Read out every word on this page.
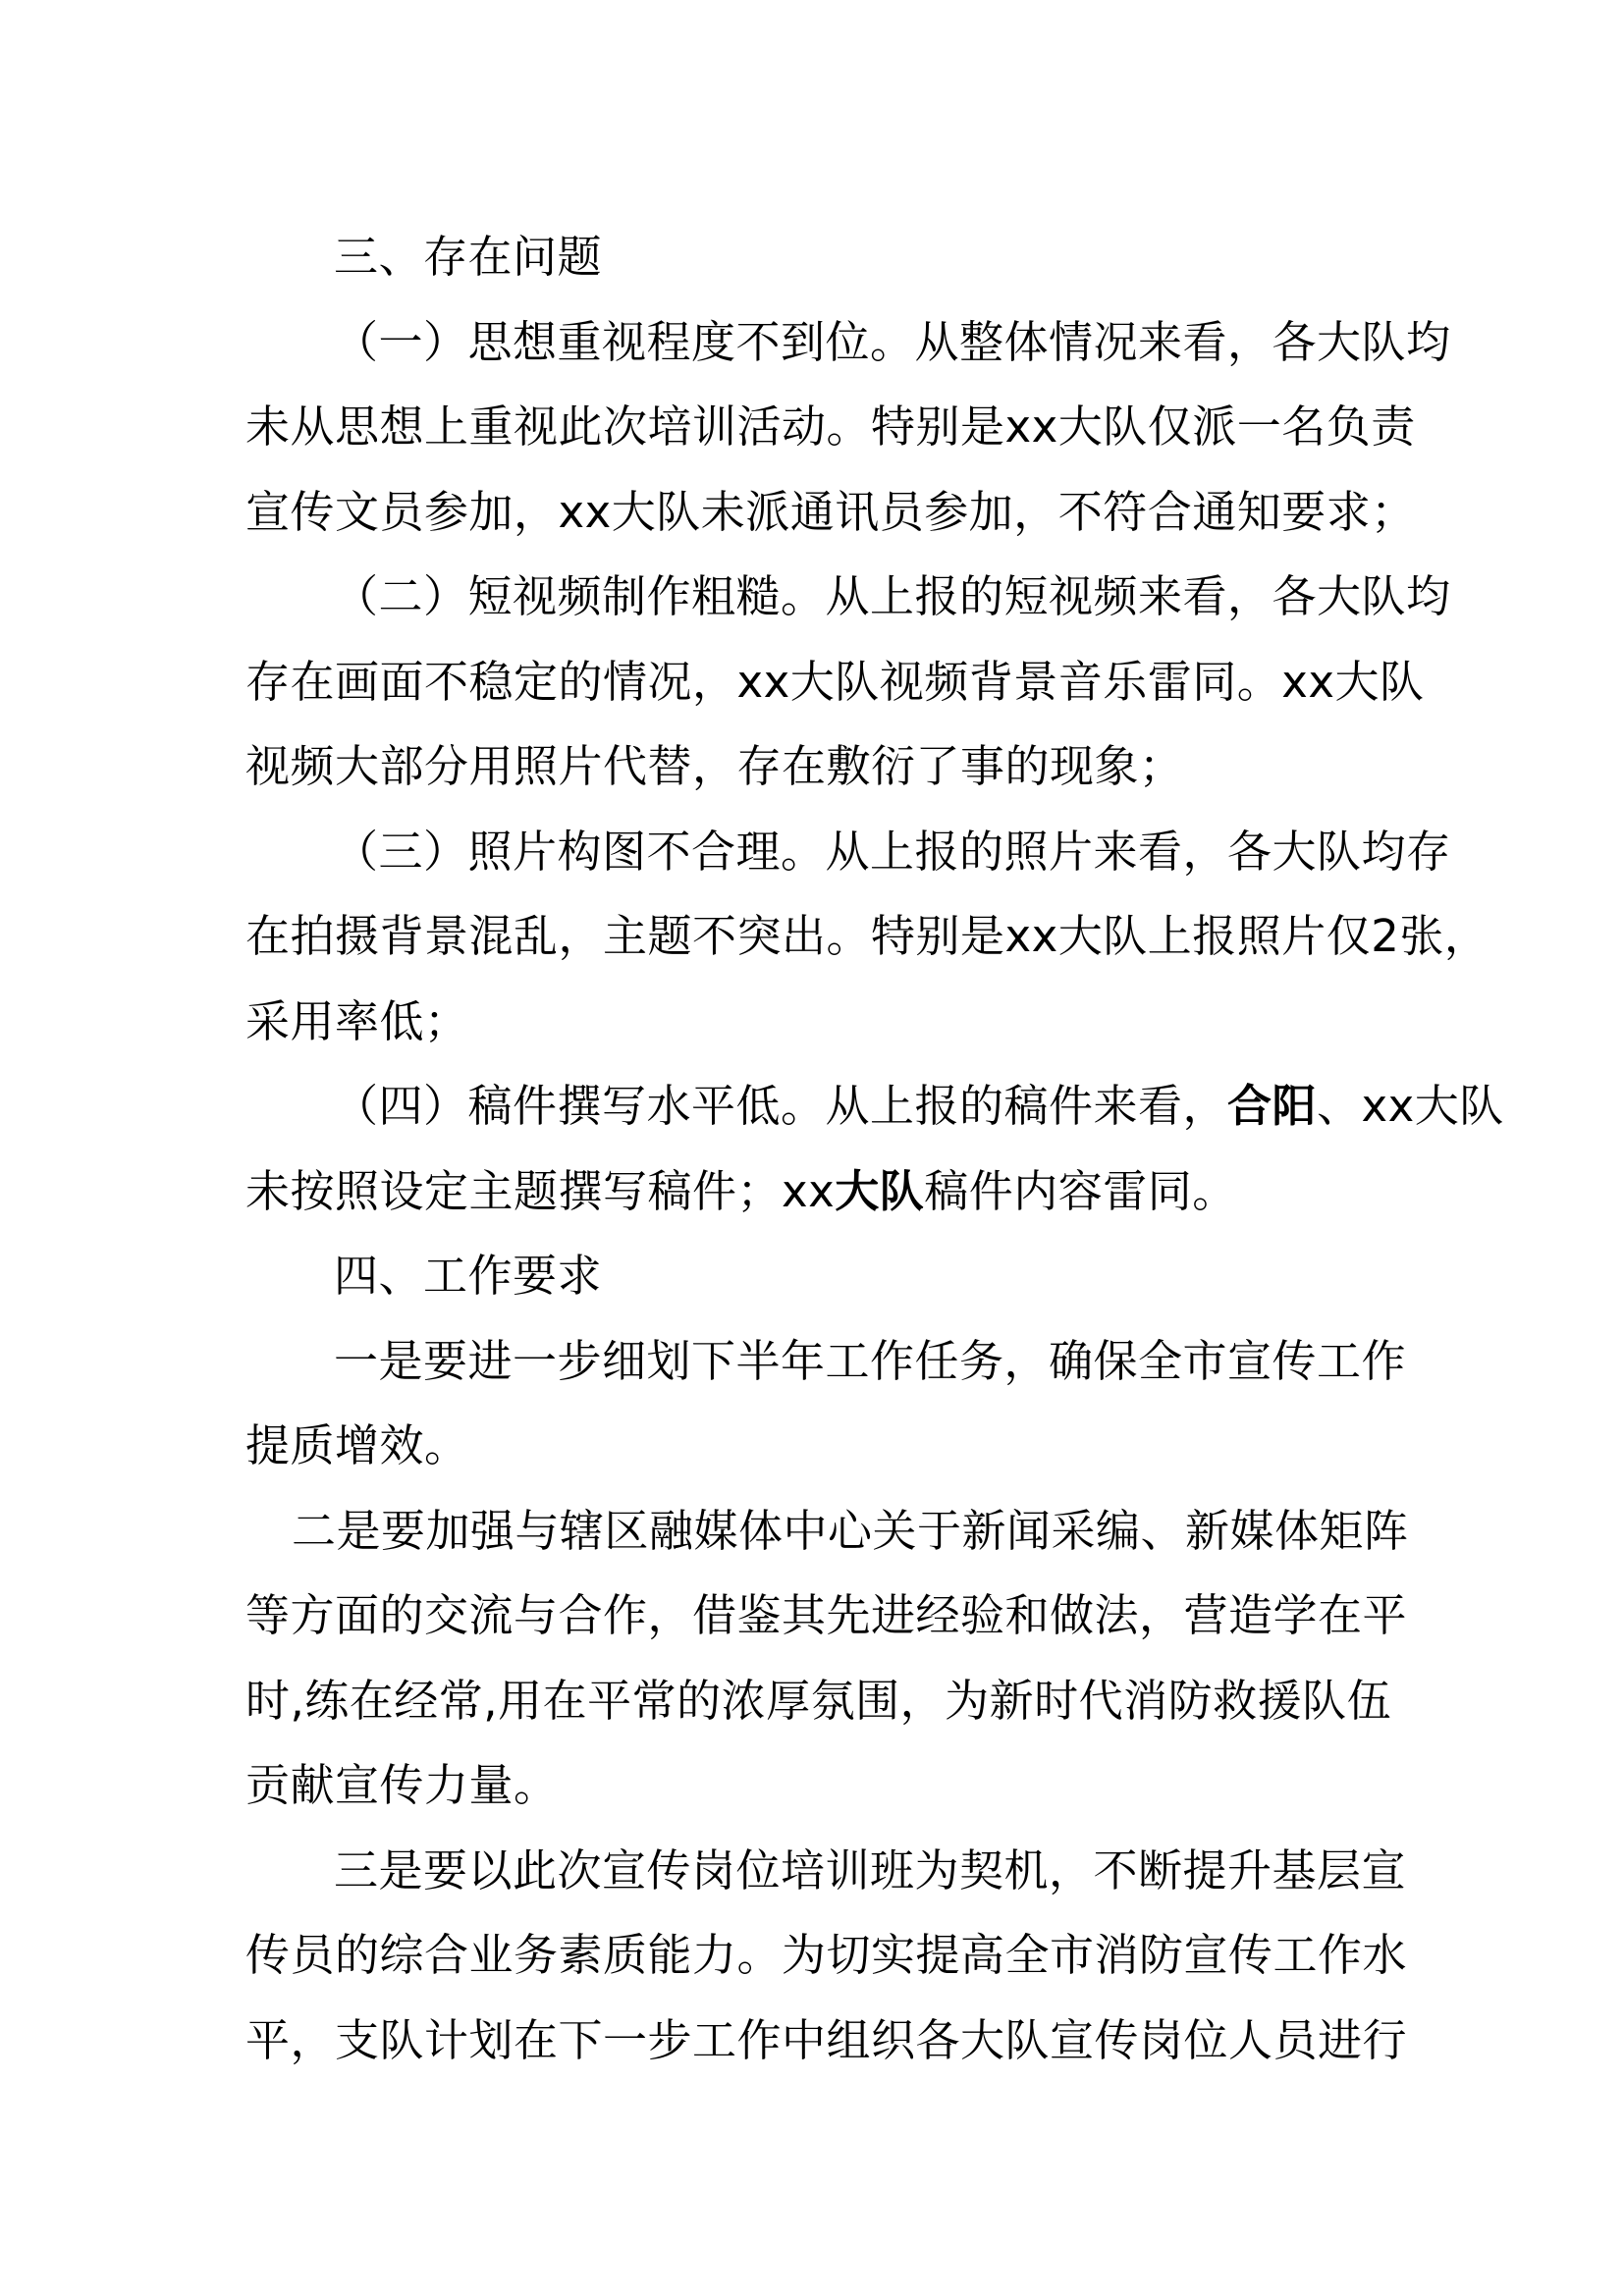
三、存在问题

（一）思想重视程度不到位。从整体情况来看，各大队均

未从思想上重视此次培训活动。特别是xx大队仅派一名负责

宣传文员参加，xx大队未派通讯员参加，不符合通知要求；

（二）短视频制作粗糙。从上报的短视频来看，各大队均

存在画面不稳定的情况，xx大队视频背景音乐雷同。xx大队

视频大部分用照片代替，存在敷衍了事的现象；

（三）照片构图不合理。从上报的照片来看，各大队均存

在拍摄背景混乱，主题不突出。特别是xx大队上报照片仅2张，

采用率低；

（四）稿件撰写水平低。从上报的稿件来看，合阳、xx大队

未按照设定主题撰写稿件；xx大队稿件内容雷同。

四、工作要求

一是要进一步细划下半年工作任务，确保全市宣传工作

提质增效。

二是要加强与辖区融媒体中心关于新闻采编、新媒体矩阵

等方面的交流与合作，借鉴其先进经验和做法，营造学在平

时,练在经常,用在平常的浓厚氛围，为新时代消防救援队伍

贡献宣传力量。

三是要以此次宣传岗位培训班为契机，不断提升基层宣

传员的综合业务素质能力。为切实提高全市消防宣传工作水

平，支队计划在下一步工作中组织各大队宣传岗位人员进行
